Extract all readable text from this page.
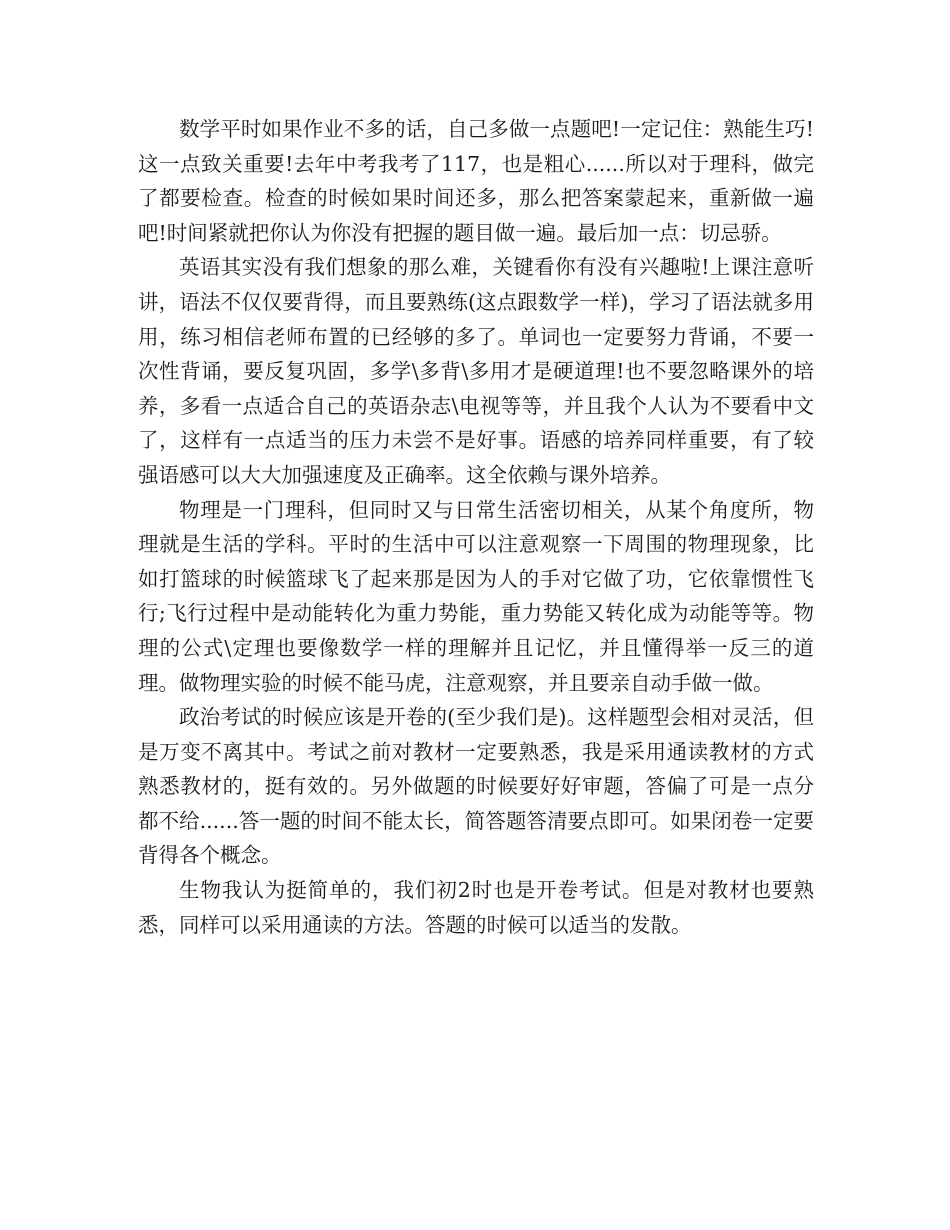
数学平时如果作业不多的话，自己多做一点题吧!一定记住：熟能生巧!这一点致关重要!去年中考我考了117，也是粗心......所以对于理科，做完了都要检查。检查的时候如果时间还多，那么把答案蒙起来，重新做一遍吧!时间紧就把你认为你没有把握的题目做一遍。最后加一点：切忌骄。

英语其实没有我们想象的那么难，关键看你有没有兴趣啦!上课注意听讲，语法不仅仅要背得，而且要熟练(这点跟数学一样)，学习了语法就多用用，练习相信老师布置的已经够的多了。单词也一定要努力背诵，不要一次性背诵，要反复巩固，多学\多背\多用才是硬道理!也不要忽略课外的培养，多看一点适合自己的英语杂志\电视等等，并且我个人认为不要看中文了，这样有一点适当的压力未尝不是好事。语感的培养同样重要，有了较强语感可以大大加强速度及正确率。这全依赖与课外培养。

物理是一门理科，但同时又与日常生活密切相关，从某个角度所，物理就是生活的学科。平时的生活中可以注意观察一下周围的物理现象，比如打篮球的时候篮球飞了起来那是因为人的手对它做了功，它依靠惯性飞行;飞行过程中是动能转化为重力势能，重力势能又转化成为动能等等。物理的公式\定理也要像数学一样的理解并且记忆，并且懂得举一反三的道理。做物理实验的时候不能马虎，注意观察，并且要亲自动手做一做。

政治考试的时候应该是开卷的(至少我们是)。这样题型会相对灵活，但是万变不离其中。考试之前对教材一定要熟悉，我是采用通读教材的方式熟悉教材的，挺有效的。另外做题的时候要好好审题，答偏了可是一点分都不给......答一题的时间不能太长，简答题答清要点即可。如果闭卷一定要背得各个概念。

生物我认为挺简单的，我们初2时也是开卷考试。但是对教材也要熟悉，同样可以采用通读的方法。答题的时候可以适当的发散。
